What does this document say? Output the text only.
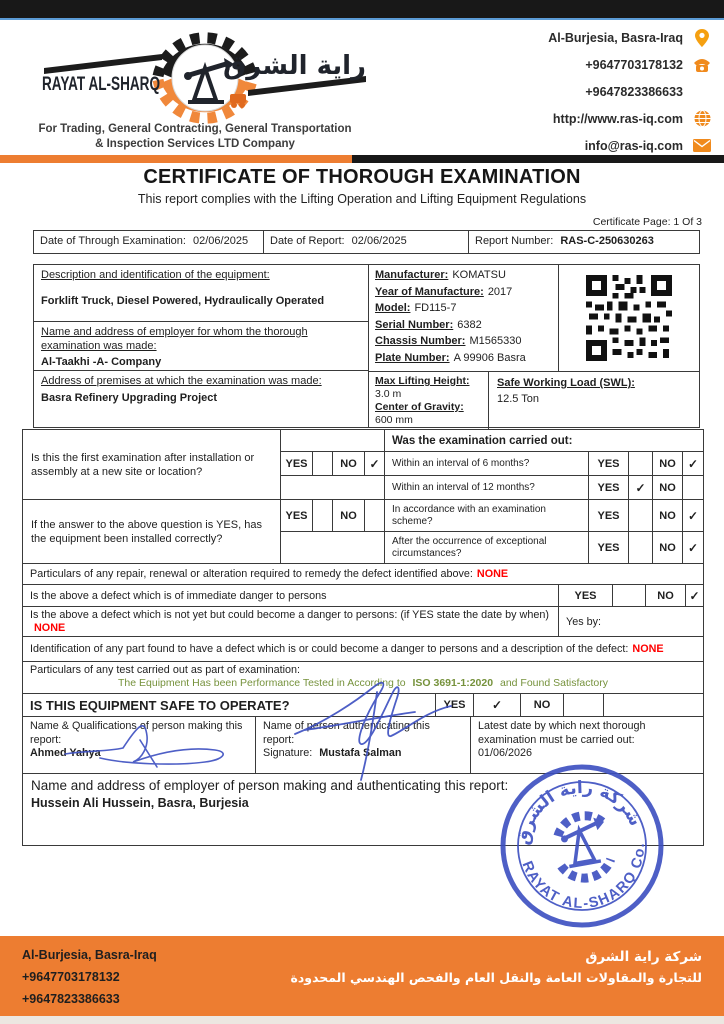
RAYAT AL-SHARQ
راية الشرق
For Trading, General Contracting, General Transportation
& Inspection Services LTD Company
Al-Burjesia, Basra-Iraq
+9647703178132
+9647823386633
http://www.ras-iq.com
info@ras-iq.com
CERTIFICATE OF THOROUGH EXAMINATION
This report complies with the Lifting Operation and Lifting Equipment Regulations
Certificate Page: 1 Of 3
Date of Through Examination: 02/06/2025	Date of Report: 02/06/2025	Report Number: RAS-C-250630263
Description and identification of the equipment:
Forklift Truck, Diesel Powered, Hydraulically Operated
Name and address of employer for whom the thorough examination was made:
Al-Taakhi -A- Company
Address of premises at which the examination was made:
Basra Refinery Upgrading Project
Manufacturer: KOMATSU
Year of Manufacture: 2017
Model: FD115-7
Serial Number: 6382
Chassis Number: M1565330
Plate Number: A 99906 Basra
Max Lifting Height:
3.0 m
Center of Gravity:
600 mm
Safe Working Load (SWL):
12.5 Ton
Is this the first examination after installation or assembly at a new site or location?
YES	NO	✓
Was the examination carried out:
Within an interval of 6 months?	YES	NO	✓
Within an interval of 12 months?	YES	✓	NO
If the answer to the above question is YES, has the equipment been installed correctly?
YES	NO
In accordance with an examination scheme?	YES	NO	✓
After the occurrence of exceptional circumstances?	YES	NO	✓
Particulars of any repair, renewal or alteration required to remedy the defect identified above: NONE
Is the above a defect which is of immediate danger to persons	YES	NO	✓
Is the above a defect which is not yet but could become a danger to persons: (if YES state the date by when) NONE
Yes by:
Identification of any part found to have a defect which is or could become a danger to persons and a description of the defect: NONE
Particulars of any test carried out as part of examination:
The Equipment Has been Performance Tested in According to ISO 3691-1:2020 and Found Satisfactory
IS THIS EQUIPMENT SAFE TO OPERATE?	YES	✓	NO
Name & Qualifications of person making this report:
Ahmed Yahya
Name of person authenticating this report:
Signature: Mustafa Salman
Latest date by which next thorough examination must be carried out:
01/06/2026
Name and address of employer of person making and authenticating this report:
Hussein Ali Hussein, Basra, Burjesia
شركة راية الشرق
RAYAT AL-SHARQ Co.
Al-Burjesia, Basra-Iraq
+9647703178132
+9647823386633
شركة راية الشرق
للتجارة والمقاولات العامة والنقل العام والفحص الهندسي المحدودة
